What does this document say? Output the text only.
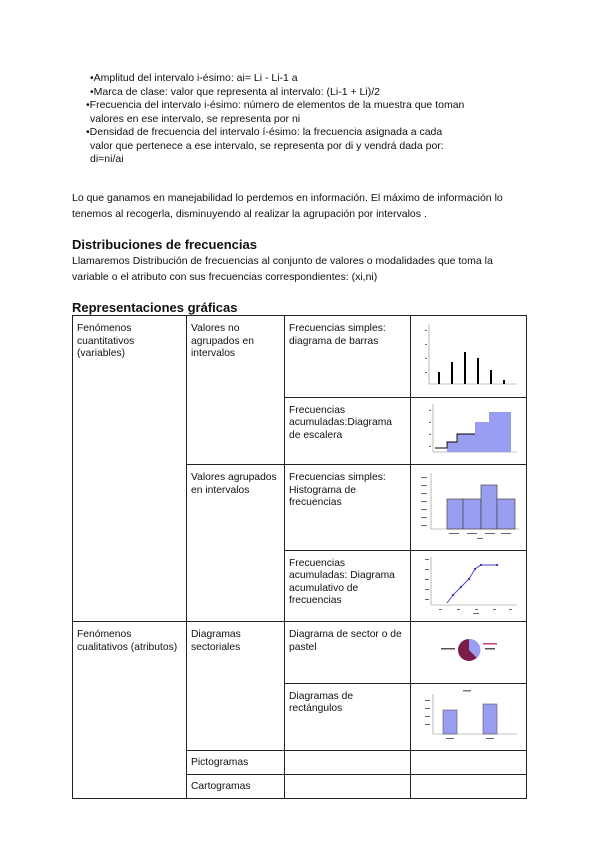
•Amplitud del intervalo i-ésimo: ai= Li - Li-1 a

•Marca de clase: valor que representa al intervalo: (Li-1 + Li)/2

•Frecuencia del intervalo i-ésimo: número de elementos de la muestra que toman

valores en ese intervalo, se representa por ni

•Densidad de frecuencia del intervalo í-ésimo: la frecuencia asignada a cada

valor que pertenece a ese intervalo, se representa por di y vendrá dada por:

di=ni/ai

Lo que ganamos en manejabilidad lo perdemos en información. El máximo de información lo
tenemos al recogerla, disminuyendo al realizar la agrupación por intervalos .
Distribuciones de frecuencias
Llamaremos Distribución de frecuencias al conjunto de valores o modalidades que toma la
variable o el atributo con sus frecuencias correspondientes: (xi,ni)
Representaciones gráficas
Fenómenos cuantitativos (variables)	Valores no agrupados en intervalos	Frecuencias simples: diagrama de barras	
		Frecuencias acumuladas:Diagrama de escalera	
	Valores agrupados en intervalos	Frecuencias simples: Histograma de frecuencias	
		Frecuencias acumuladas: Diagrama acumulativo de frecuencias	
Fenómenos cualitativos (atributos)	Diagramas sectoriales	Diagrama de sector o de pastel	
		Diagramas de rectángulos	
	Pictogramas		
	Cartogramas		
